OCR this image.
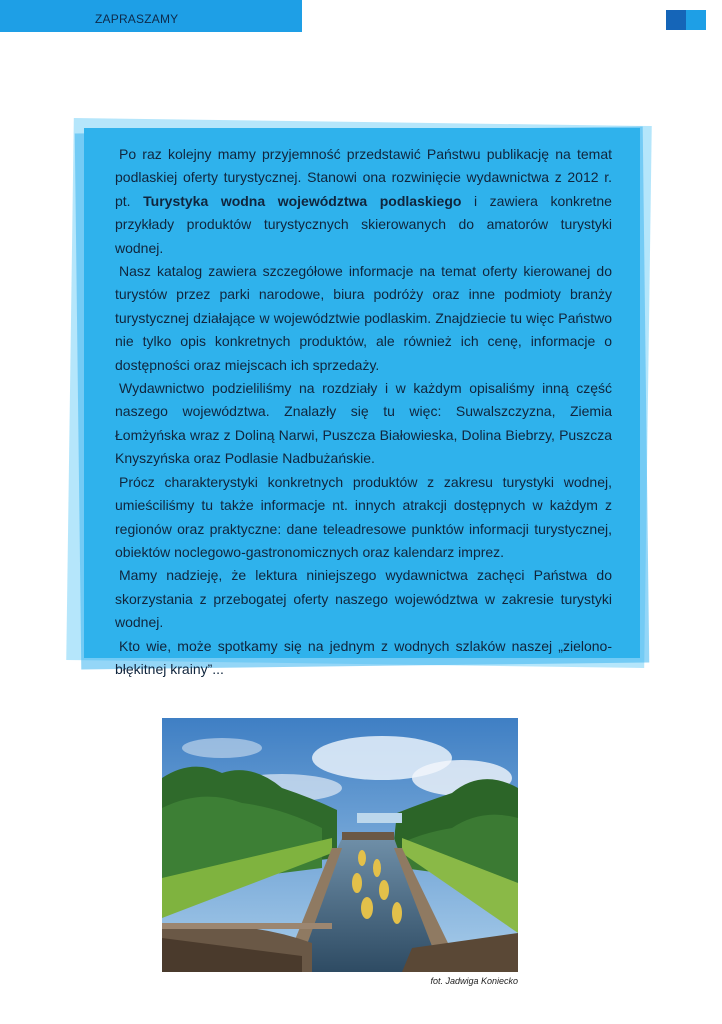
ZAPRASZAMY

Po raz kolejny mamy przyjemność przedstawić Państwu publikację na temat podlaskiej oferty turystycznej. Stanowi ona rozwinięcie wydawnictwa z 2012 r. pt. Turystyka wodna województwa podlaskiego i zawiera konkretne przykłady produktów turystycznych skierowanych do amatorów turystyki wodnej.

Nasz katalog zawiera szczegółowe informacje na temat oferty kierowanej do turystów przez parki narodowe, biura podróży oraz inne podmioty branży turystycznej działające w województwie podlaskim. Znajdziecie tu więc Państwo nie tylko opis konkretnych produktów, ale również ich cenę, informacje o dostępności oraz miejscach ich sprzedaży.

Wydawnictwo podzieliliśmy na rozdziały i w każdym opisaliśmy inną część naszego województwa. Znalazły się tu więc: Suwalszczyzna, Ziemia Łomżyńska wraz z Doliną Narwi, Puszcza Białowieska, Dolina Biebrzy, Puszcza Knyszyńska oraz Podlasie Nadbużańskie.

Prócz charakterystyki konkretnych produktów z zakresu turystyki wodnej, umieściliśmy tu także informacje nt. innych atrakcji dostępnych w każdym z regionów oraz praktyczne: dane teleadresowe punktów informacji turystycznej, obiektów noclegowo-gastronomicznych oraz kalendarz imprez.

Mamy nadzieję, że lektura niniejszego wydawnictwa zachęci Państwa do skorzystania z przebogatej oferty naszego województwa w zakresie turystyki wodnej.

Kto wie, może spotkamy się na jednym z wodnych szlaków naszej „zielono-błękitnej krainy”...

fot. Jadwiga Koniecko
